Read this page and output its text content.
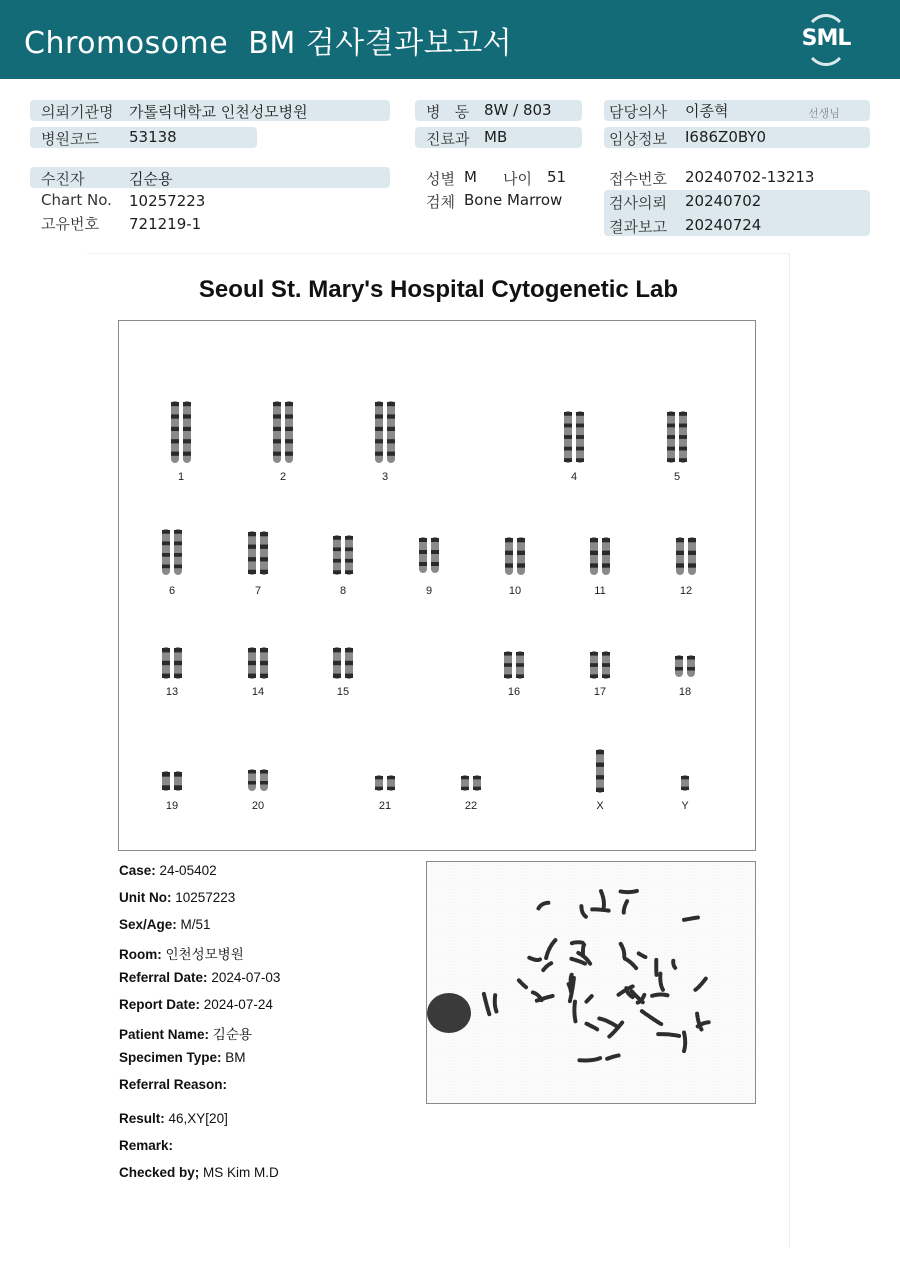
Chromosome  BM 검사결과보고서	SML
의뢰기관명 가톨릭대학교 인천성모병원
병원코드 53138
수진자	김순용
Chart No. 10257223
고유번호 721219-1
병   동 8W / 803
진료과 MB
성별 M 나이 51
검체 Bone Marrow
담당의사 이종혁	선생님
임상정보 I686Z0BY0
접수번호 20240702-13213
검사의뢰 20240702
결과보고 20240724
Seoul St. Mary's Hospital Cytogenetic Lab
1	2	3	4	5
6	7	8	9	10	11	12
13	14	15	16	17	18
19	20	21	22	X	Y
Case: 24-05402
Unit No: 10257223
Sex/Age: M/51
Room: 인천성모병원
Referral Date: 2024-07-03
Report Date: 2024-07-24
Patient Name: 김순용
Specimen Type: BM
Referral Reason:
Result: 46,XY[20]
Remark:
Checked by; MS Kim M.D
